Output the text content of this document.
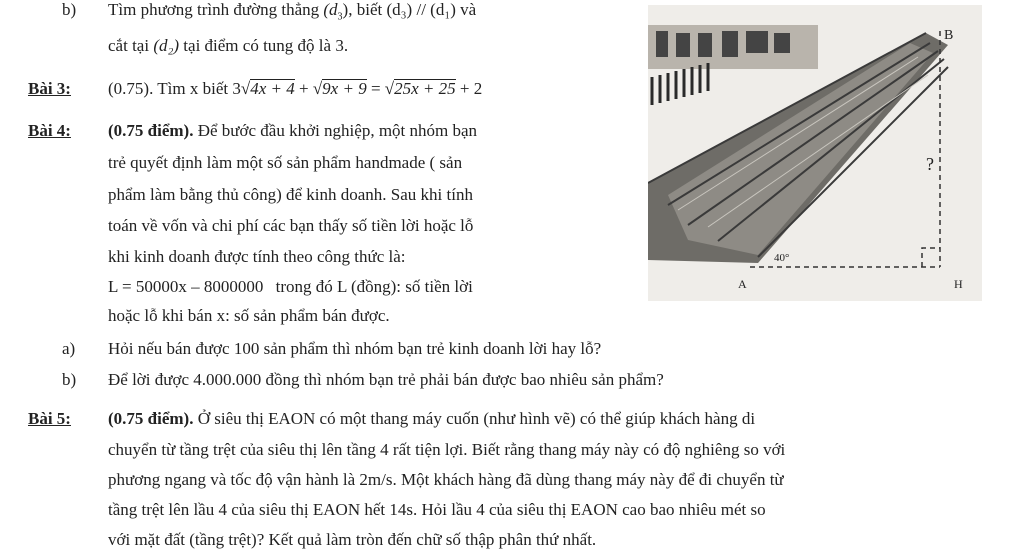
b) Tìm phương trình đường thẳng $(d_3)$, biết (d₃) // (d₁) và
cắt tại (d₂) tại điểm có tung độ là 3.
Bài 3: (0.75). Tìm x biết 3√4x + 4 + √9x + 9 = √25x + 25 + 2
Bài 4: (0.75 điểm). Để bước đầu khởi nghiệp, một nhóm bạn
trẻ quyết định làm một số sản phẩm handmade ( sản
phẩm làm bằng thủ công) để kinh doanh. Sau khi tính
toán về vốn và chi phí các bạn thấy số tiền lời hoặc lỗ
khi kinh doanh được tính theo công thức là:
L = 50000x – 8000000 trong đó L (đồng): số tiền lời
hoặc lỗ khi bán x: số sản phẩm bán được.
a) Hỏi nếu bán được 100 sản phẩm thì nhóm bạn trẻ kinh doanh lời hay lỗ?
b) Để lời được 4.000.000 đồng thì nhóm bạn trẻ phải bán được bao nhiêu sản phẩm?
Bài 5: (0.75 điểm). Ở siêu thị EAON có một thang máy cuốn (như hình vẽ) có thể giúp khách hàng di
chuyển từ tầng trệt của siêu thị lên tầng 4 rất tiện lợi. Biết rằng thang máy này có độ nghiêng so với
phương ngang và tốc độ vận hành là 2m/s. Một khách hàng đã dùng thang máy này để đi chuyển từ
tầng trệt lên lầu 4 của siêu thị EAON hết 14s. Hỏi lầu 4 của siêu thị EAON cao bao nhiêu mét so
với mặt đất (tầng trệt)? Kết quả làm tròn đến chữ số thập phân thứ nhất.
B
?
40°
A	H
